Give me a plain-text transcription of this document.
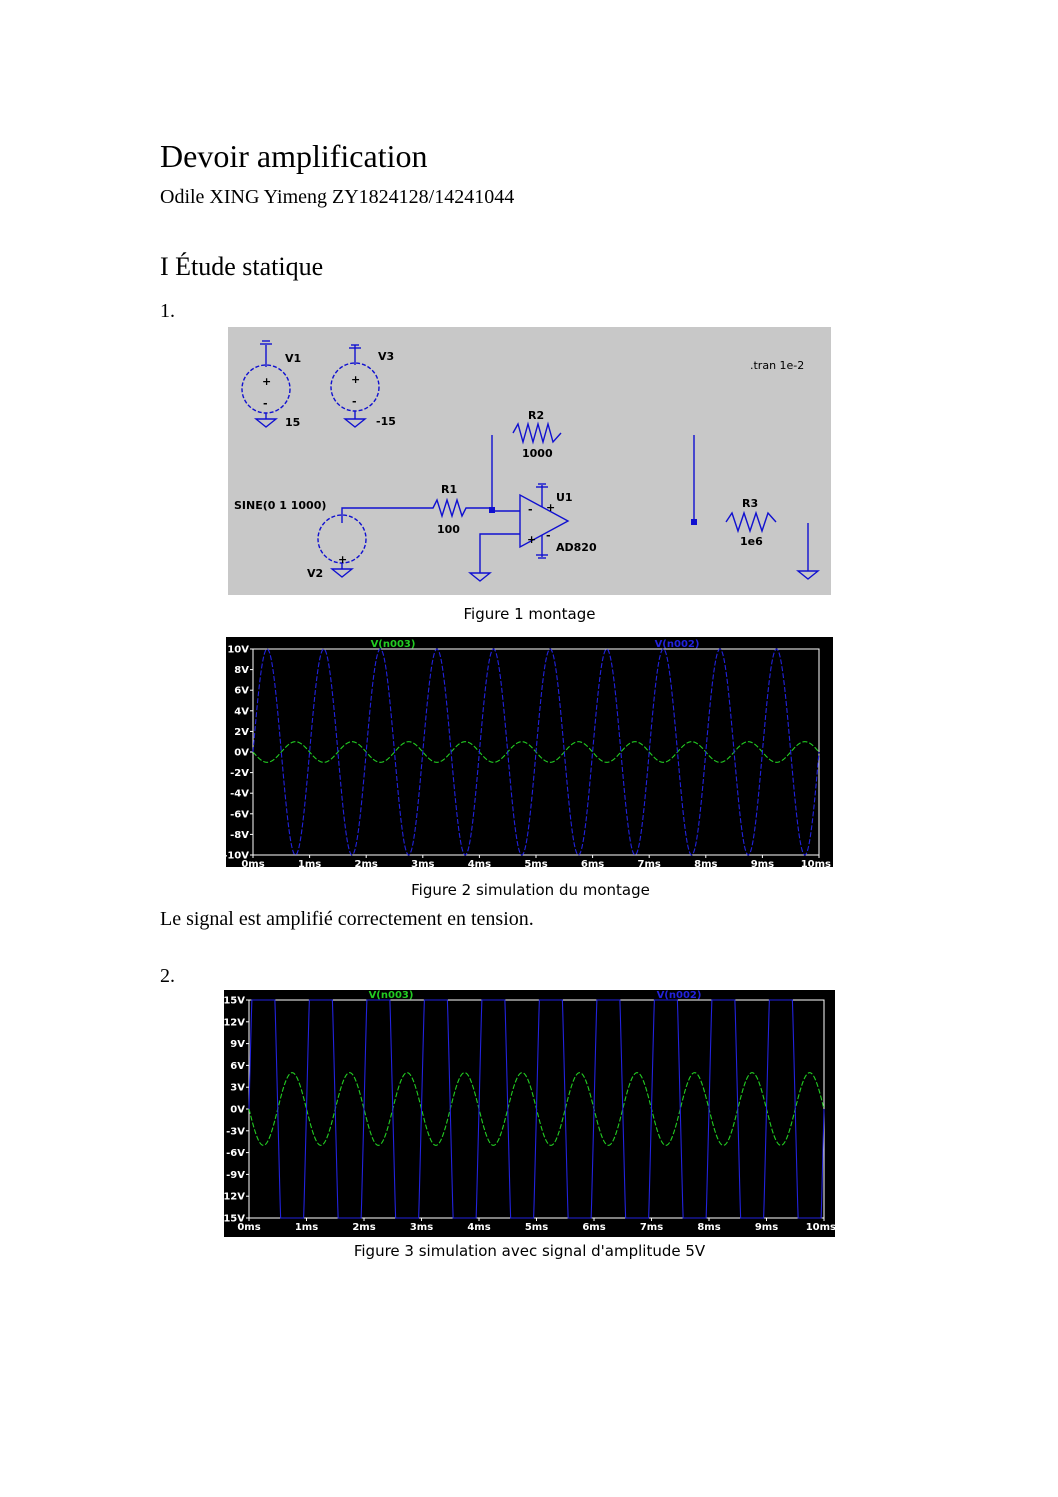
Devoir amplification
Odile XING Yimeng ZY1824128/14241044
I Étude statique
1.
+
-
+
-
-
+
+
-
+
V1
15
V3
-15
.tran 1e-2
R2
1000
R1
100
U1
AD820
R3
1e6
SINE(0 1 1000)
V2
Figure 1 montage
10V
8V
6V
4V
2V
0V
-2V
-4V
-6V
-8V
-10V
0ms	1ms	2ms	3ms	4ms	5ms	6ms	7ms	8ms	9ms	10ms
V(n003)	V(n002)
Figure 2 simulation du montage
Le signal est amplifié correctement en tension.
2.
15V
12V
9V
6V
3V
0V
-3V
-6V
-9V
-12V
-15V
0ms	1ms	2ms	3ms	4ms	5ms	6ms	7ms	8ms	9ms	10ms
V(n003)	V(n002)
Figure 3 simulation avec signal d'amplitude 5V
